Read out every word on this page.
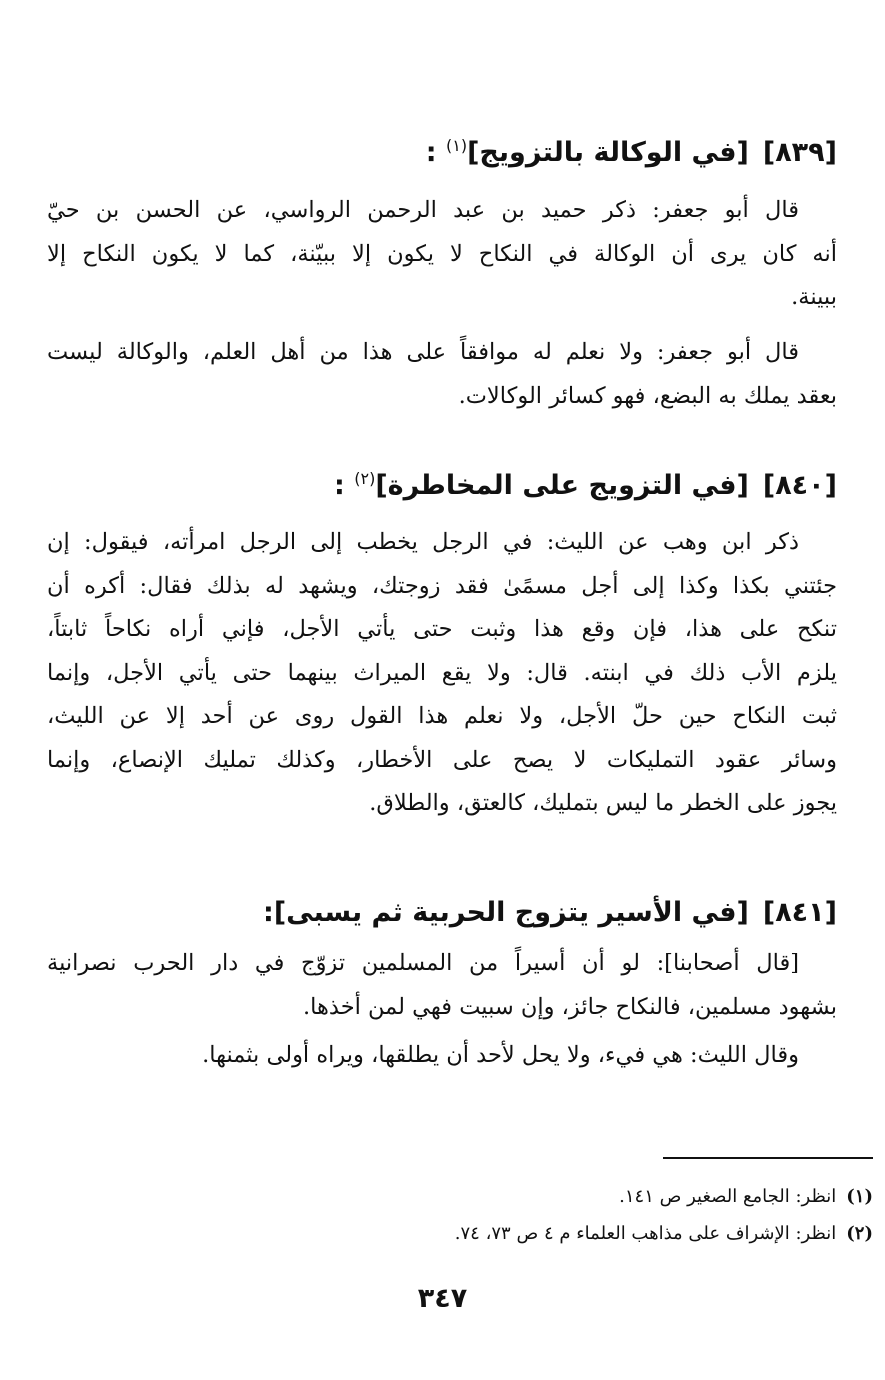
[٨٣٩][في الوكالة بالتزويج]$^{(١)}$ :
قال أبو جعفر: ذكر حميد بن عبد الرحمن الرواسي، عن الحسن بن حيّ
أنه كان يرى أن الوكالة في النكاح لا يكون إلا ببيّنة، كما لا يكون النكاح إلا
ببينة.
قال أبو جعفر: ولا نعلم له موافقاً على هذا من أهل العلم، والوكالة ليست
بعقد يملك به البضع، فهو كسائر الوكالات.
[٨٤٠][في التزويج على المخاطرة]$^{(٢)}$ :
ذكر ابن وهب عن الليث: في الرجل يخطب إلى الرجل امرأته، فيقول: إن
جئتني بكذا وكذا إلى أجل مسمًىٰ فقد زوجتك، ويشهد له بذلك فقال: أكره أن
تنكح على هذا، فإن وقع هذا وثبت حتى يأتي الأجل، فإني أراه نكاحاً ثابتاً،
يلزم الأب ذلك في ابنته. قال: ولا يقع الميراث بينهما حتى يأتي الأجل، وإنما
ثبت النكاح حين حلّ الأجل، ولا نعلم هذا القول روى عن أحد إلا عن الليث،
وسائر عقود التمليكات لا يصح على الأخطار، وكذلك تمليك الإنصاع، وإنما
يجوز على الخطر ما ليس بتمليك، كالعتق، والطلاق.
[٨٤١][في الأسير يتزوج الحربية ثم يسبى]:
[قال أصحابنا]: لو أن أسيراً من المسلمين تزوّج في دار الحرب نصرانية
بشهود مسلمين، فالنكاح جائز، وإن سبيت فهي لمن أخذها.
وقال الليث: هي فيء، ولا يحل لأحد أن يطلقها، ويراه أولى بثمنها.
(١)انظر: الجامع الصغير ص ١٤١.
(٢)انظر: الإشراف على مذاهب العلماء م ٤ ص ٧٣، ٧٤.
٣٤٧
